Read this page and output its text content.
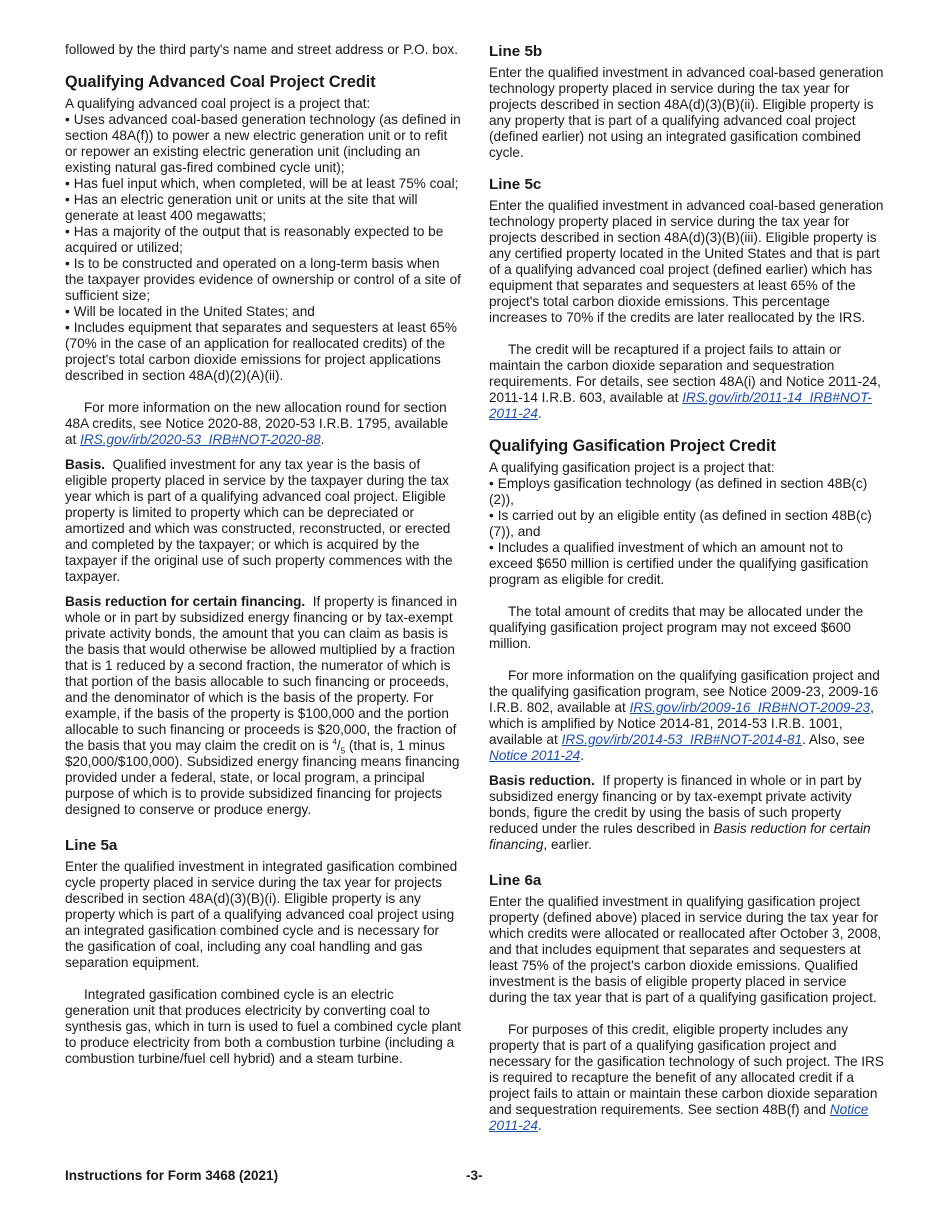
followed by the third party's name and street address or P.O. box.

Qualifying Advanced Coal Project Credit
A qualifying advanced coal project is a project that:
• Uses advanced coal-based generation technology (as defined in section 48A(f)) to power a new electric generation unit or to refit or repower an existing electric generation unit (including an existing natural gas-fired combined cycle unit);
• Has fuel input which, when completed, will be at least 75% coal;
• Has an electric generation unit or units at the site that will generate at least 400 megawatts;
• Has a majority of the output that is reasonably expected to be acquired or utilized;
• Is to be constructed and operated on a long-term basis when the taxpayer provides evidence of ownership or control of a site of sufficient size;
• Will be located in the United States; and
• Includes equipment that separates and sequesters at least 65% (70% in the case of an application for reallocated credits) of the project's total carbon dioxide emissions for project applications described in section 48A(d)(2)(A)(ii).

For more information on the new allocation round for section 48A credits, see Notice 2020-88, 2020-53 I.R.B. 1795, available at IRS.gov/irb/2020-53_IRB#NOT-2020-88.

Basis. Qualified investment for any tax year is the basis of eligible property placed in service by the taxpayer during the tax year which is part of a qualifying advanced coal project. Eligible property is limited to property which can be depreciated or amortized and which was constructed, reconstructed, or erected and completed by the taxpayer; or which is acquired by the taxpayer if the original use of such property commences with the taxpayer.

Basis reduction for certain financing. If property is financed in whole or in part by subsidized energy financing or by tax-exempt private activity bonds, the amount that you can claim as basis is the basis that would otherwise be allowed multiplied by a fraction that is 1 reduced by a second fraction, the numerator of which is that portion of the basis allocable to such financing or proceeds, and the denominator of which is the basis of the property. For example, if the basis of the property is $100,000 and the portion allocable to such financing or proceeds is $20,000, the fraction of the basis that you may claim the credit on is $^4/_5$ (that is, 1 minus $20,000/$100,000). Subsidized energy financing means financing provided under a federal, state, or local program, a principal purpose of which is to provide subsidized financing for projects designed to conserve or produce energy.

Line 5a

Enter the qualified investment in integrated gasification combined cycle property placed in service during the tax year for projects described in section 48A(d)(3)(B)(i). Eligible property is any property which is part of a qualifying advanced coal project using an integrated gasification combined cycle and is necessary for the gasification of coal, including any coal handling and gas separation equipment.

Integrated gasification combined cycle is an electric generation unit that produces electricity by converting coal to synthesis gas, which in turn is used to fuel a combined cycle plant to produce electricity from both a combustion turbine (including a combustion turbine/fuel cell hybrid) and a steam turbine.

Line 5b

Enter the qualified investment in advanced coal-based generation technology property placed in service during the tax year for projects described in section 48A(d)(3)(B)(ii). Eligible property is any property that is part of a qualifying advanced coal project (defined earlier) not using an integrated gasification combined cycle.

Line 5c

Enter the qualified investment in advanced coal-based generation technology property placed in service during the tax year for projects described in section 48A(d)(3)(B)(iii). Eligible property is any certified property located in the United States and that is part of a qualifying advanced coal project (defined earlier) which has equipment that separates and sequesters at least 65% of the project's total carbon dioxide emissions. This percentage increases to 70% if the credits are later reallocated by the IRS.

The credit will be recaptured if a project fails to attain or maintain the carbon dioxide separation and sequestration requirements. For details, see section 48A(i) and Notice 2011-24, 2011-14 I.R.B. 603, available at IRS.gov/irb/2011-14_IRB#NOT-2011-24.

Qualifying Gasification Project Credit
A qualifying gasification project is a project that:
• Employs gasification technology (as defined in section 48B(c)(2)),
• Is carried out by an eligible entity (as defined in section 48B(c)(7)), and
• Includes a qualified investment of which an amount not to exceed $650 million is certified under the qualifying gasification program as eligible for credit.

The total amount of credits that may be allocated under the qualifying gasification project program may not exceed $600 million.

For more information on the qualifying gasification project and the qualifying gasification program, see Notice 2009-23, 2009-16 I.R.B. 802, available at IRS.gov/irb/2009-16_IRB#NOT-2009-23, which is amplified by Notice 2014-81, 2014-53 I.R.B. 1001, available at IRS.gov/irb/2014-53_IRB#NOT-2014-81. Also, see Notice 2011-24.

Basis reduction. If property is financed in whole or in part by subsidized energy financing or by tax-exempt private activity bonds, figure the credit by using the basis of such property reduced under the rules described in Basis reduction for certain financing, earlier.

Line 6a

Enter the qualified investment in qualifying gasification project property (defined above) placed in service during the tax year for which credits were allocated or reallocated after October 3, 2008, and that includes equipment that separates and sequesters at least 75% of the project's carbon dioxide emissions. Qualified investment is the basis of eligible property placed in service during the tax year that is part of a qualifying gasification project.

For purposes of this credit, eligible property includes any property that is part of a qualifying gasification project and necessary for the gasification technology of such project. The IRS is required to recapture the benefit of any allocated credit if a project fails to attain or maintain these carbon dioxide separation and sequestration requirements. See section 48B(f) and Notice 2011-24.

Instructions for Form 3468 (2021)	-3-
